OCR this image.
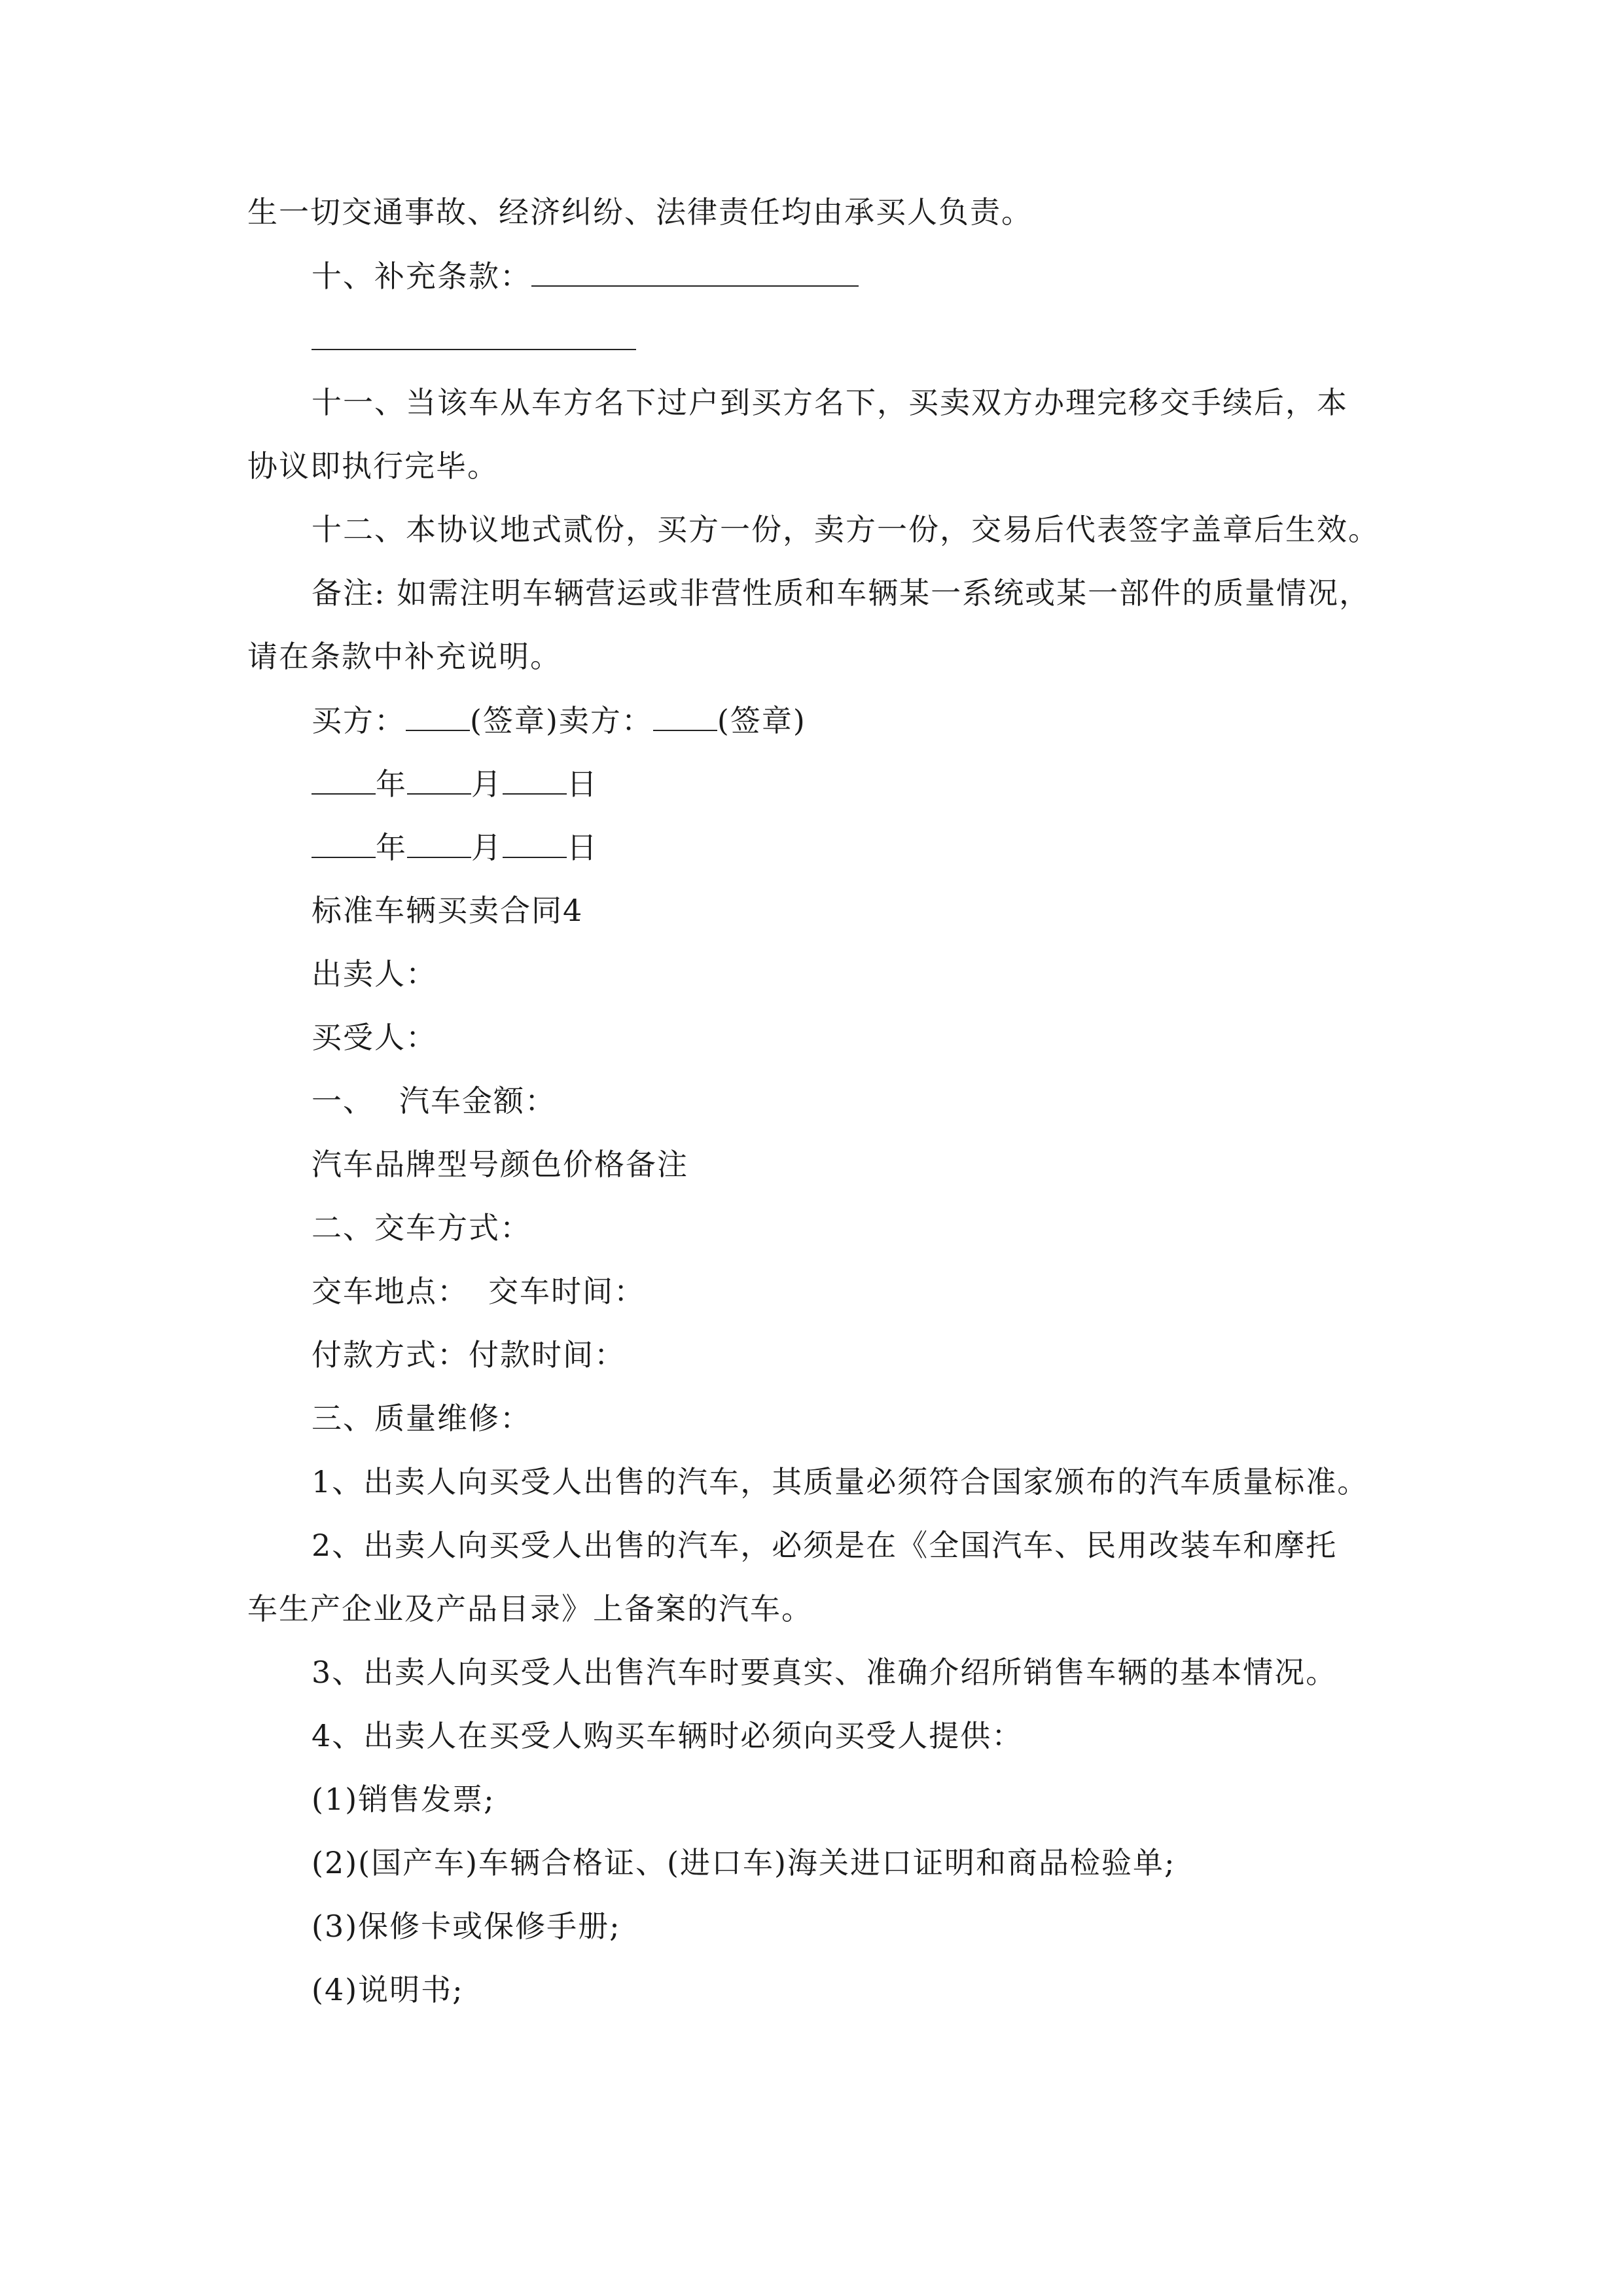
生一切交通事故、经济纠纷、法律责任均由承买人负责。
十、补充条款：
十一、当该车从车方名下过户到买方名下，买卖双方办理完移交手续后，本
协议即执行完毕。
十二、本协议地式贰份，买方一份，卖方一份，交易后代表签字盖章后生效。
备注: 如需注明车辆营运或非营性质和车辆某一系统或某一部件的质量情况，
请在条款中补充说明。
买方： (签章)卖方： (签章)
年 月 日
年 月 日
标准车辆买卖合同4
出卖人：
买受人：
一、 汽车金额：
汽车品牌型号颜色价格备注
二、交车方式：
交车地点： 交车时间：
付款方式：付款时间：
三、质量维修：
1、出卖人向买受人出售的汽车，其质量必须符合国家颁布的汽车质量标准。
2、出卖人向买受人出售的汽车，必须是在《全国汽车、民用改装车和摩托
车生产企业及产品目录》上备案的汽车。
3、出卖人向买受人出售汽车时要真实、准确介绍所销售车辆的基本情况。
4、出卖人在买受人购买车辆时必须向买受人提供：
(1)销售发票;
(2)(国产车)车辆合格证、(进口车)海关进口证明和商品检验单;
(3)保修卡或保修手册;
(4)说明书;
